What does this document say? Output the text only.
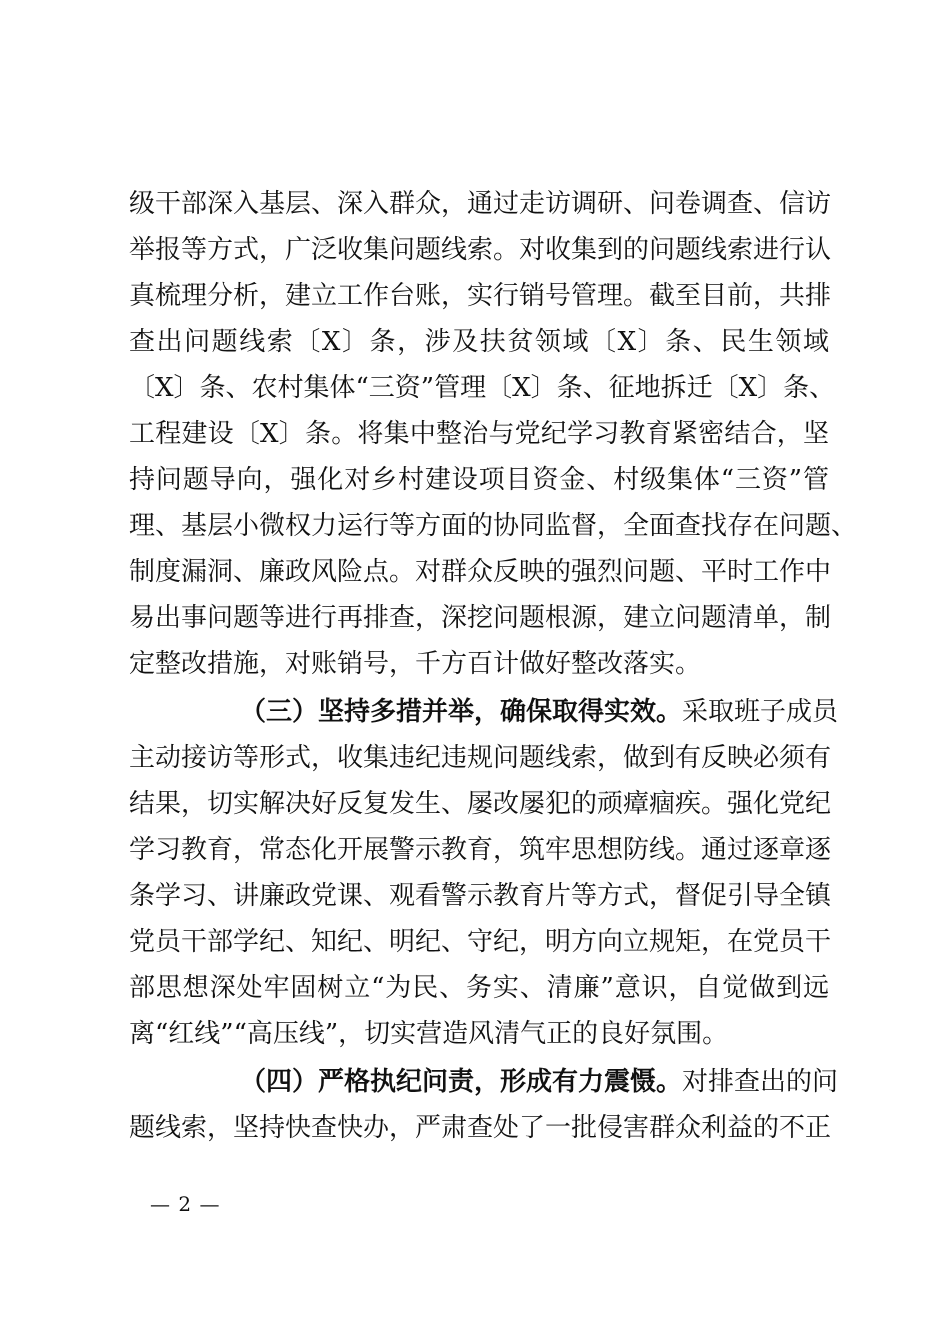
级干部深入基层、深入群众，通过走访调研、问卷调查、信访
举报等方式，广泛收集问题线索。对收集到的问题线索进行认
真梳理分析，建立工作台账，实行销号管理。截至目前，共排
查出问题线索〔X〕条，涉及扶贫领域〔X〕条、民生领域
〔X〕条、农村集体“三资”管理〔X〕条、征地拆迁〔X〕条、
工程建设〔X〕条。将集中整治与党纪学习教育紧密结合，坚
持问题导向，强化对乡村建设项目资金、村级集体“三资”管
理、基层小微权力运行等方面的协同监督，全面查找存在问题、
制度漏洞、廉政风险点。对群众反映的强烈问题、平时工作中
易出事问题等进行再排查，深挖问题根源，建立问题清单，制
定整改措施，对账销号，千方百计做好整改落实。
（三）坚持多措并举，确保取得实效。采取班子成员
主动接访等形式，收集违纪违规问题线索，做到有反映必须有
结果，切实解决好反复发生、屡改屡犯的顽瘴痼疾。强化党纪
学习教育，常态化开展警示教育，筑牢思想防线。通过逐章逐
条学习、讲廉政党课、观看警示教育片等方式，督促引导全镇
党员干部学纪、知纪、明纪、守纪，明方向立规矩，在党员干
部思想深处牢固树立“为民、务实、清廉”意识，自觉做到远
离“红线”“高压线”，切实营造风清气正的良好氛围。
（四）严格执纪问责，形成有力震慑。对排查出的问
题线索，坚持快查快办，严肃查处了一批侵害群众利益的不正
— 2 —
